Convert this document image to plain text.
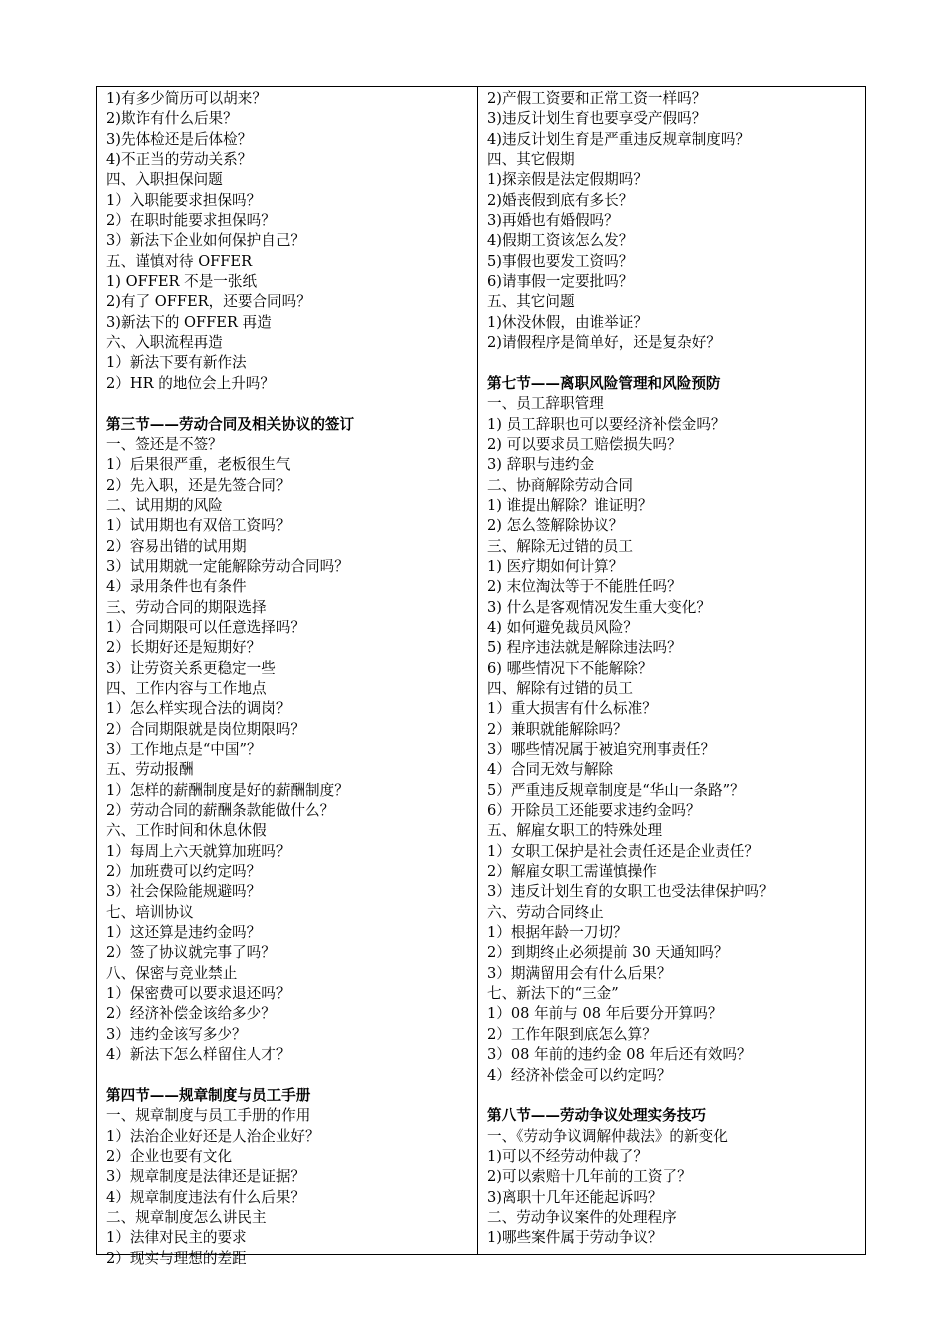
1)有多少简历可以胡来？
2)欺诈有什么后果？
3)先体检还是后体检？
4)不正当的劳动关系？
四、入职担保问题
1）入职能要求担保吗？
2）在职时能要求担保吗？
3）新法下企业如何保护自己？
五、谨慎对待 OFFER
1) OFFER 不是一张纸
2)有了 OFFER，还要合同吗？
3)新法下的 OFFER 再造
六、入职流程再造
1）新法下要有新作法
2）HR 的地位会上升吗？
第三节——劳动合同及相关协议的签订
一、签还是不签？
1）后果很严重，老板很生气
2）先入职，还是先签合同？
二、试用期的风险
1）试用期也有双倍工资吗？
2）容易出错的试用期
3）试用期就一定能解除劳动合同吗？
4）录用条件也有条件
三、劳动合同的期限选择
1）合同期限可以任意选择吗？
2）长期好还是短期好？
3）让劳资关系更稳定一些
四、工作内容与工作地点
1）怎么样实现合法的调岗？
2）合同期限就是岗位期限吗？
3）工作地点是“中国”？
五、劳动报酬
1）怎样的薪酬制度是好的薪酬制度？
2）劳动合同的薪酬条款能做什么？
六、工作时间和休息休假
1）每周上六天就算加班吗？
2）加班费可以约定吗？
3）社会保险能规避吗？
七、培训协议
1）这还算是违约金吗？
2）签了协议就完事了吗？
八、保密与竞业禁止
1）保密费可以要求退还吗？
2）经济补偿金该给多少？
3）违约金该写多少？
4）新法下怎么样留住人才？
第四节——规章制度与员工手册
一、规章制度与员工手册的作用
1）法治企业好还是人治企业好？
2）企业也要有文化
3）规章制度是法律还是证据？
4）规章制度违法有什么后果？
二、规章制度怎么讲民主
1）法律对民主的要求
2）现实与理想的差距
2)产假工资要和正常工资一样吗？
3)违反计划生育也要享受产假吗？
4)违反计划生育是严重违反规章制度吗？
四、其它假期
1)探亲假是法定假期吗？
2)婚丧假到底有多长？
3)再婚也有婚假吗？
4)假期工资该怎么发？
5)事假也要发工资吗？
6)请事假一定要批吗？
五、其它问题
1)休没休假，由谁举证？
2)请假程序是简单好，还是复杂好？
第七节——离职风险管理和风险预防
一、员工辞职管理
1) 员工辞职也可以要经济补偿金吗？
2) 可以要求员工赔偿损失吗？
3) 辞职与违约金
二、协商解除劳动合同
1) 谁提出解除？谁证明？
2) 怎么签解除协议？
三、解除无过错的员工
1) 医疗期如何计算？
2) 末位淘汰等于不能胜任吗？
3) 什么是客观情况发生重大变化？
4) 如何避免裁员风险？
5) 程序违法就是解除违法吗？
6) 哪些情况下不能解除？
四、解除有过错的员工
1）重大损害有什么标准？
2）兼职就能解除吗？
3）哪些情况属于被追究刑事责任？
4）合同无效与解除
5）严重违反规章制度是“华山一条路”？
6）开除员工还能要求违约金吗？
五、解雇女职工的特殊处理
1）女职工保护是社会责任还是企业责任？
2）解雇女职工需谨慎操作
3）违反计划生育的女职工也受法律保护吗？
六、劳动合同终止
1）根据年龄一刀切？
2）到期终止必须提前 30 天通知吗？
3）期满留用会有什么后果？
七、新法下的“三金”
1）08 年前与 08 年后要分开算吗？
2）工作年限到底怎么算？
3）08 年前的违约金 08 年后还有效吗？
4）经济补偿金可以约定吗？
第八节——劳动争议处理实务技巧
一、《劳动争议调解仲裁法》的新变化
1)可以不经劳动仲裁了？
2)可以索赔十几年前的工资了？
3)离职十几年还能起诉吗？
二、劳动争议案件的处理程序
1)哪些案件属于劳动争议？
